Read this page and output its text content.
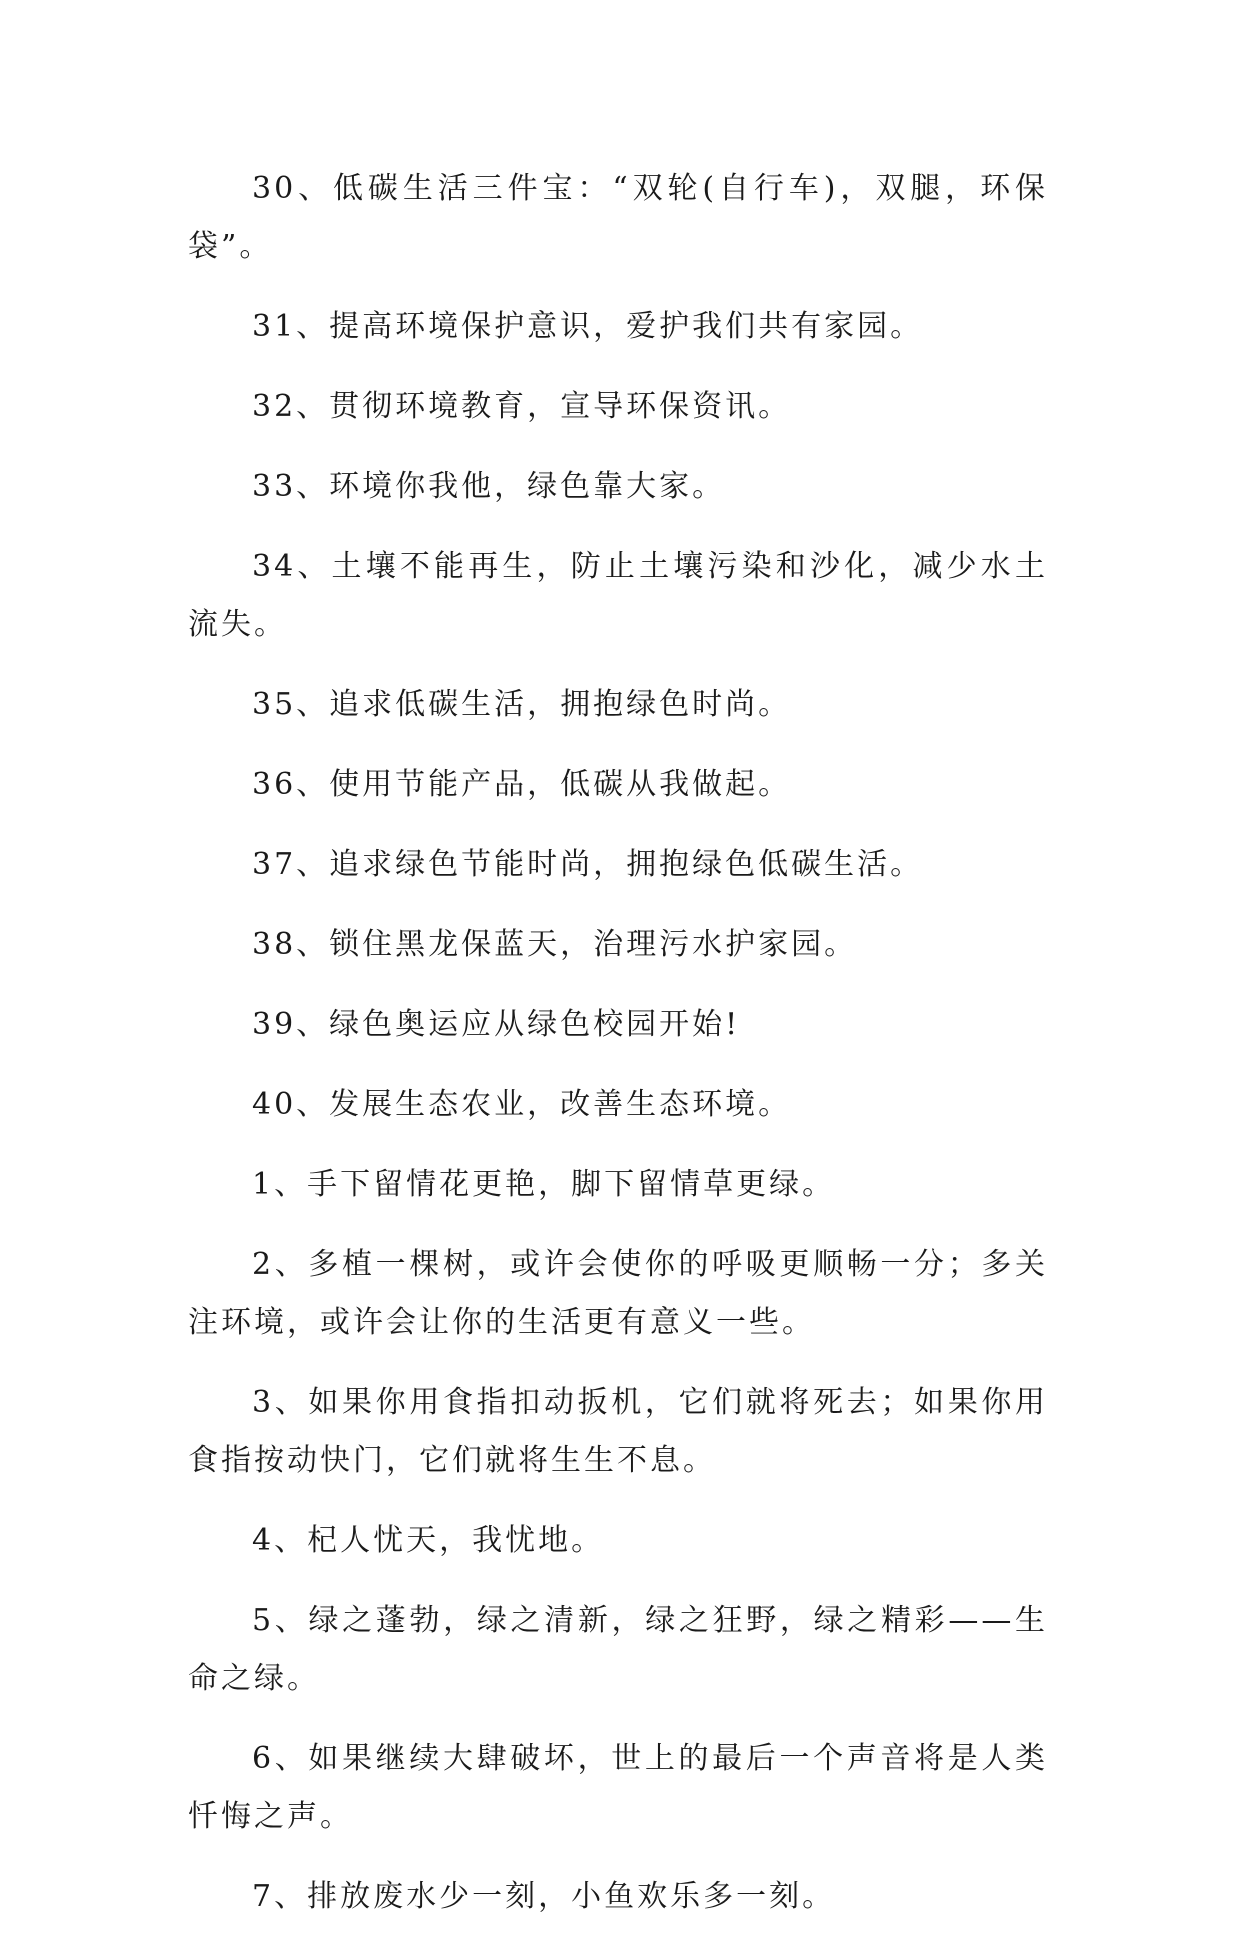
30、低碳生活三件宝：“双轮(自行车)，双腿，环保袋”。

31、提高环境保护意识，爱护我们共有家园。

32、贯彻环境教育，宣导环保资讯。

33、环境你我他，绿色靠大家。

34、土壤不能再生，防止土壤污染和沙化，减少水土流失。

35、追求低碳生活，拥抱绿色时尚。

36、使用节能产品，低碳从我做起。

37、追求绿色节能时尚，拥抱绿色低碳生活。

38、锁住黑龙保蓝天，治理污水护家园。

39、绿色奥运应从绿色校园开始!

40、发展生态农业，改善生态环境。

1、手下留情花更艳，脚下留情草更绿。

2、多植一棵树，或许会使你的呼吸更顺畅一分；多关注环境，或许会让你的生活更有意义一些。

3、如果你用食指扣动扳机，它们就将死去；如果你用食指按动快门，它们就将生生不息。

4、杞人忧天，我忧地。

5、绿之蓬勃，绿之清新，绿之狂野，绿之精彩——生命之绿。

6、如果继续大肆破坏，世上的最后一个声音将是人类忏悔之声。

7、排放废水少一刻，小鱼欢乐多一刻。
